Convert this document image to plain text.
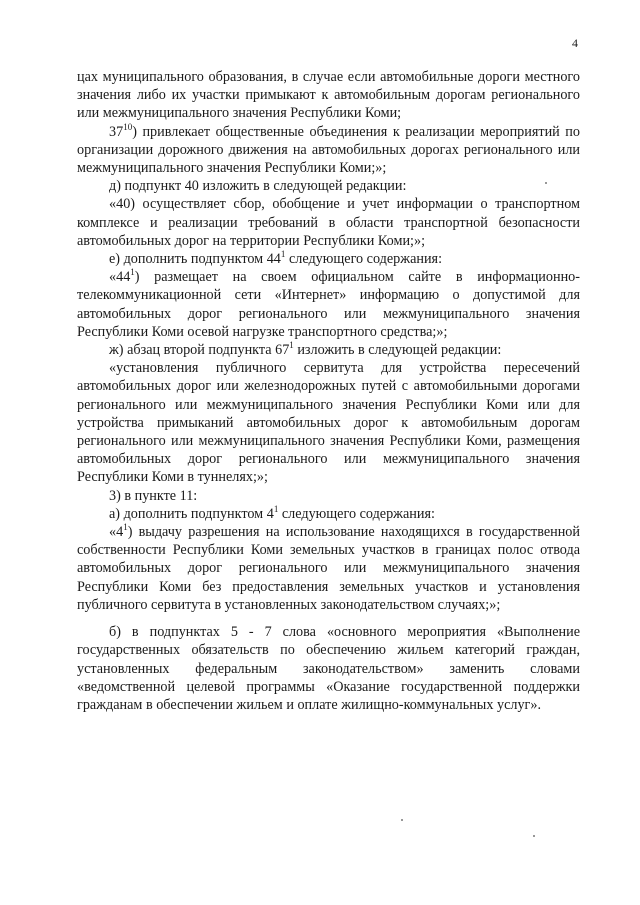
4

цах муниципального образования, в случае если автомобильные дороги местного значения либо их участки примыкают к автомобильным дорогам регионального или межмуниципального значения Республики Коми;

$37^{10}$) привлекает общественные объединения к реализации мероприятий по организации дорожного движения на автомобильных дорогах регионального или межмуниципального значения Республики Коми;»;

д) подпункт 40 изложить в следующей редакции:

«40) осуществляет сбор, обобщение и учет информации о транспортном комплексе и реализации требований в области транспортной безопасности автомобильных дорог на территории Республики Коми;»;

е) дополнить подпунктом $44^1$ следующего содержания:

«$44^1$) размещает на своем официальном сайте в информационно-телекоммуникационной сети «Интернет» информацию о допустимой для автомобильных дорог регионального или межмуниципального значения Республики Коми осевой нагрузке транспортного средства;»;

ж) абзац второй подпункта $67^1$ изложить в следующей редакции:

«установления публичного сервитута для устройства пересечений автомобильных дорог или железнодорожных путей с автомобильными дорогами регионального или межмуниципального значения Республики Коми или для устройства примыканий автомобильных дорог к автомобильным дорогам регионального или межмуниципального значения Республики Коми, размещения автомобильных дорог регионального или межмуниципального значения Республики Коми в туннелях;»;

3) в пункте 11:

а) дополнить подпунктом $4^1$ следующего содержания:

«$4^1$) выдачу разрешения на использование находящихся в государственной собственности Республики Коми земельных участков в границах полос отвода автомобильных дорог регионального или межмуниципального значения Республики Коми без предоставления земельных участков и установления публичного сервитута в установленных законодательством случаях;»;

б) в подпунктах 5 - 7 слова «основного мероприятия «Выполнение государственных обязательств по обеспечению жильем категорий граждан, установленных федеральным законодательством» заменить словами «ведомственной целевой программы «Оказание государственной поддержки гражданам в обеспечении жильем и оплате жилищно-коммунальных услуг».
